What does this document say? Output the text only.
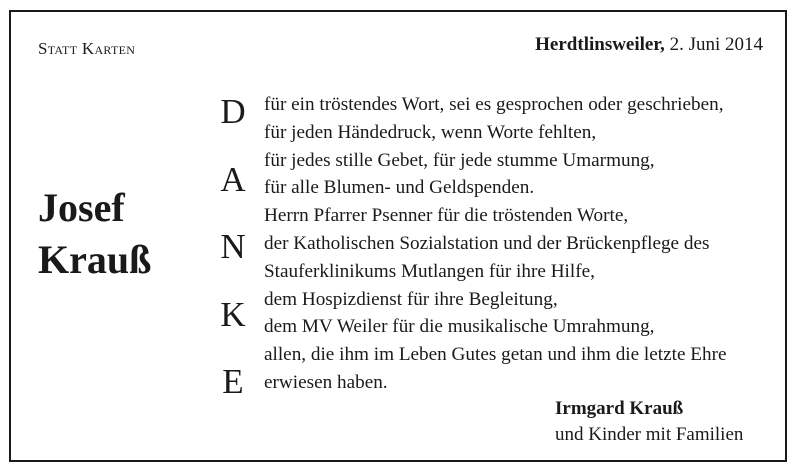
Statt Karten	Herdtlinsweiler, 2. Juni 2014
Josef
Krauß
D
A
N
K
E
für ein tröstendes Wort, sei es gesprochen oder geschrieben,
für jeden Händedruck, wenn Worte fehlten,
für jedes stille Gebet, für jede stumme Umarmung,
für alle Blumen- und Geldspenden.
Herrn Pfarrer Psenner für die tröstenden Worte,
der Katholischen Sozialstation und der Brückenpflege des
Stauferklinikums Mutlangen für ihre Hilfe,
dem Hospizdienst für ihre Begleitung,
dem MV Weiler für die musikalische Umrahmung,
allen, die ihm im Leben Gutes getan und ihm die letzte Ehre
erwiesen haben.
Irmgard Krauß
und Kinder mit Familien
